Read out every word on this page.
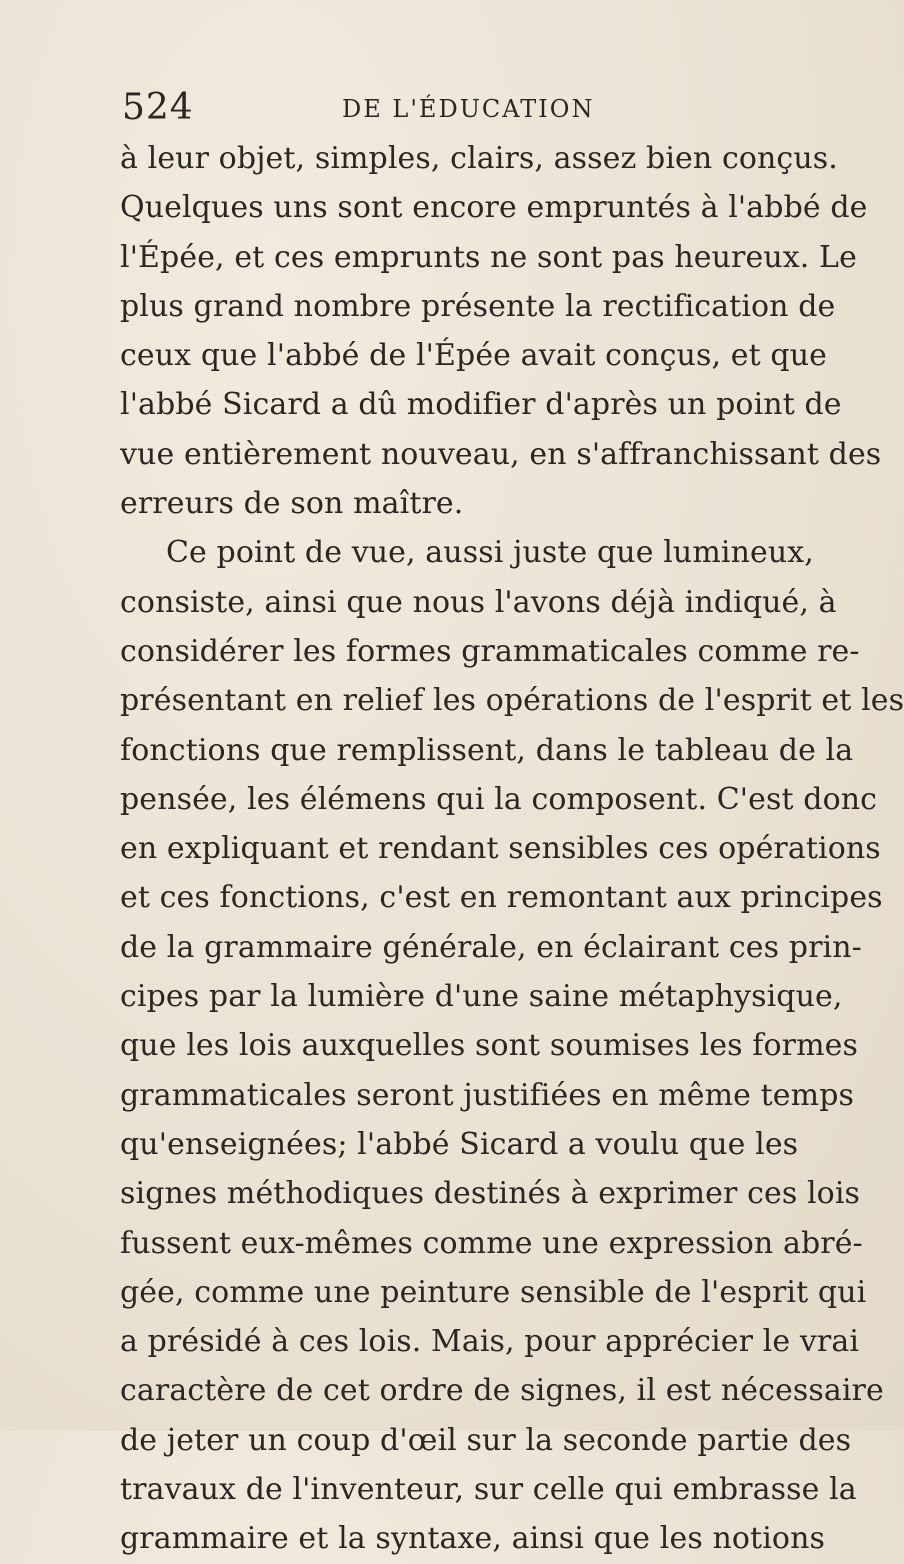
524	DE L'ÉDUCATION
à leur objet, simples, clairs, assez bien conçus.
Quelques uns sont encore empruntés à l'abbé de
l'Épée, et ces emprunts ne sont pas heureux. Le
plus grand nombre présente la rectification de
ceux que l'abbé de l'Épée avait conçus, et que
l'abbé Sicard a dû modifier d'après un point de
vue entièrement nouveau, en s'affranchissant des
erreurs de son maître.
Ce point de vue, aussi juste que lumineux,
consiste, ainsi que nous l'avons déjà indiqué, à
considérer les formes grammaticales comme re-
présentant en relief les opérations de l'esprit et les
fonctions que remplissent, dans le tableau de la
pensée, les élémens qui la composent. C'est donc
en expliquant et rendant sensibles ces opérations
et ces fonctions, c'est en remontant aux principes
de la grammaire générale, en éclairant ces prin-
cipes par la lumière d'une saine métaphysique,
que les lois auxquelles sont soumises les formes
grammaticales seront justifiées en même temps
qu'enseignées; l'abbé Sicard a voulu que les
signes méthodiques destinés à exprimer ces lois
fussent eux-mêmes comme une expression abré-
gée, comme une peinture sensible de l'esprit qui
a présidé à ces lois. Mais, pour apprécier le vrai
caractère de cet ordre de signes, il est nécessaire
de jeter un coup d'œil sur la seconde partie des
travaux de l'inventeur, sur celle qui embrasse la
grammaire et la syntaxe, ainsi que les notions
